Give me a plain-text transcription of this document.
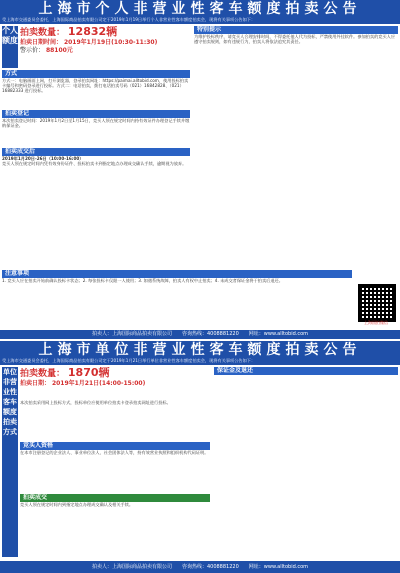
上海市个人非营业性客车额度拍卖公告
受上海市交通委员会委托，上海国际商品拍卖有限公司定于2019年1月19日举行个人非营业性客车额度拍卖会，现将有关事项公告如下：
个人额度
拍卖数量： 12832辆
拍卖日期时间： 2019年1月19日(10:30-11:30)
警示价： 88100元
方式
方式一：电脑画面上网，打开浏览器，登录拍卖网址：https://paimai.alltobid.com，使用投标拍卖卡编号和密码登录进行投标。方式二：电话拍卖，拨打电话拍卖号码（021）16842828、（021）16882333 进行投标。
拍卖登记
本次拍卖登记时间：2019年1月2日至1月15日，竞买人须在规定时间内持有效证件办理登记手续并缴纳保证金。
拍卖成交后
2019年1月20日-26日（10:00-16:00）
竞买人须在规定时间内凭有效身份证件、投标拍卖卡到指定地点办理成交确认手续，逾期视为放弃。
特别提示
为维护投标秩序，请竞买人合理安排时间，不得委托他人代为投标，严禁使用外挂软件。参加拍卖的竞买人应遵守拍卖规则，如有违规行为，拍卖人将依法追究其责任。
注意事项
1. 竞买人应在拍卖开始前确认投标卡状态；2. 每张投标卡仅限一人使用；3. 如遇系统故障，拍卖人有权中止拍卖；4. 未成交者保证金将于拍卖后退还。
上海国拍微信
拍卖人：上海国际商品拍卖有限公司　　咨询热线：4008881220　　网址：www.alltobid.com
上海市单位非营业性客车额度拍卖公告
受上海市交通委员会委托，上海国际商品拍卖有限公司定于2019年1月21日举行单位非营业性客车额度拍卖会，现将有关事项公告如下：
单位非营业性客车额度拍卖方式
拍卖数量： 1870辆
拍卖日期： 2019年1月21日(14:00-15:00)
本次拍卖采用网上投标方式，投标单位应使用单位拍卖卡登录拍卖网址进行投标。
竞买人资格
在本市注册登记的企业法人、事业单位法人、社会团体法人等，持有效营业执照和组织机构代码证明。
拍卖成交
竞买人须在规定时间内到指定地点办理成交确认及相关手续。
保证金及退还
拍卖人：上海国际商品拍卖有限公司　　咨询热线：4008881220　　网址：www.alltobid.com
